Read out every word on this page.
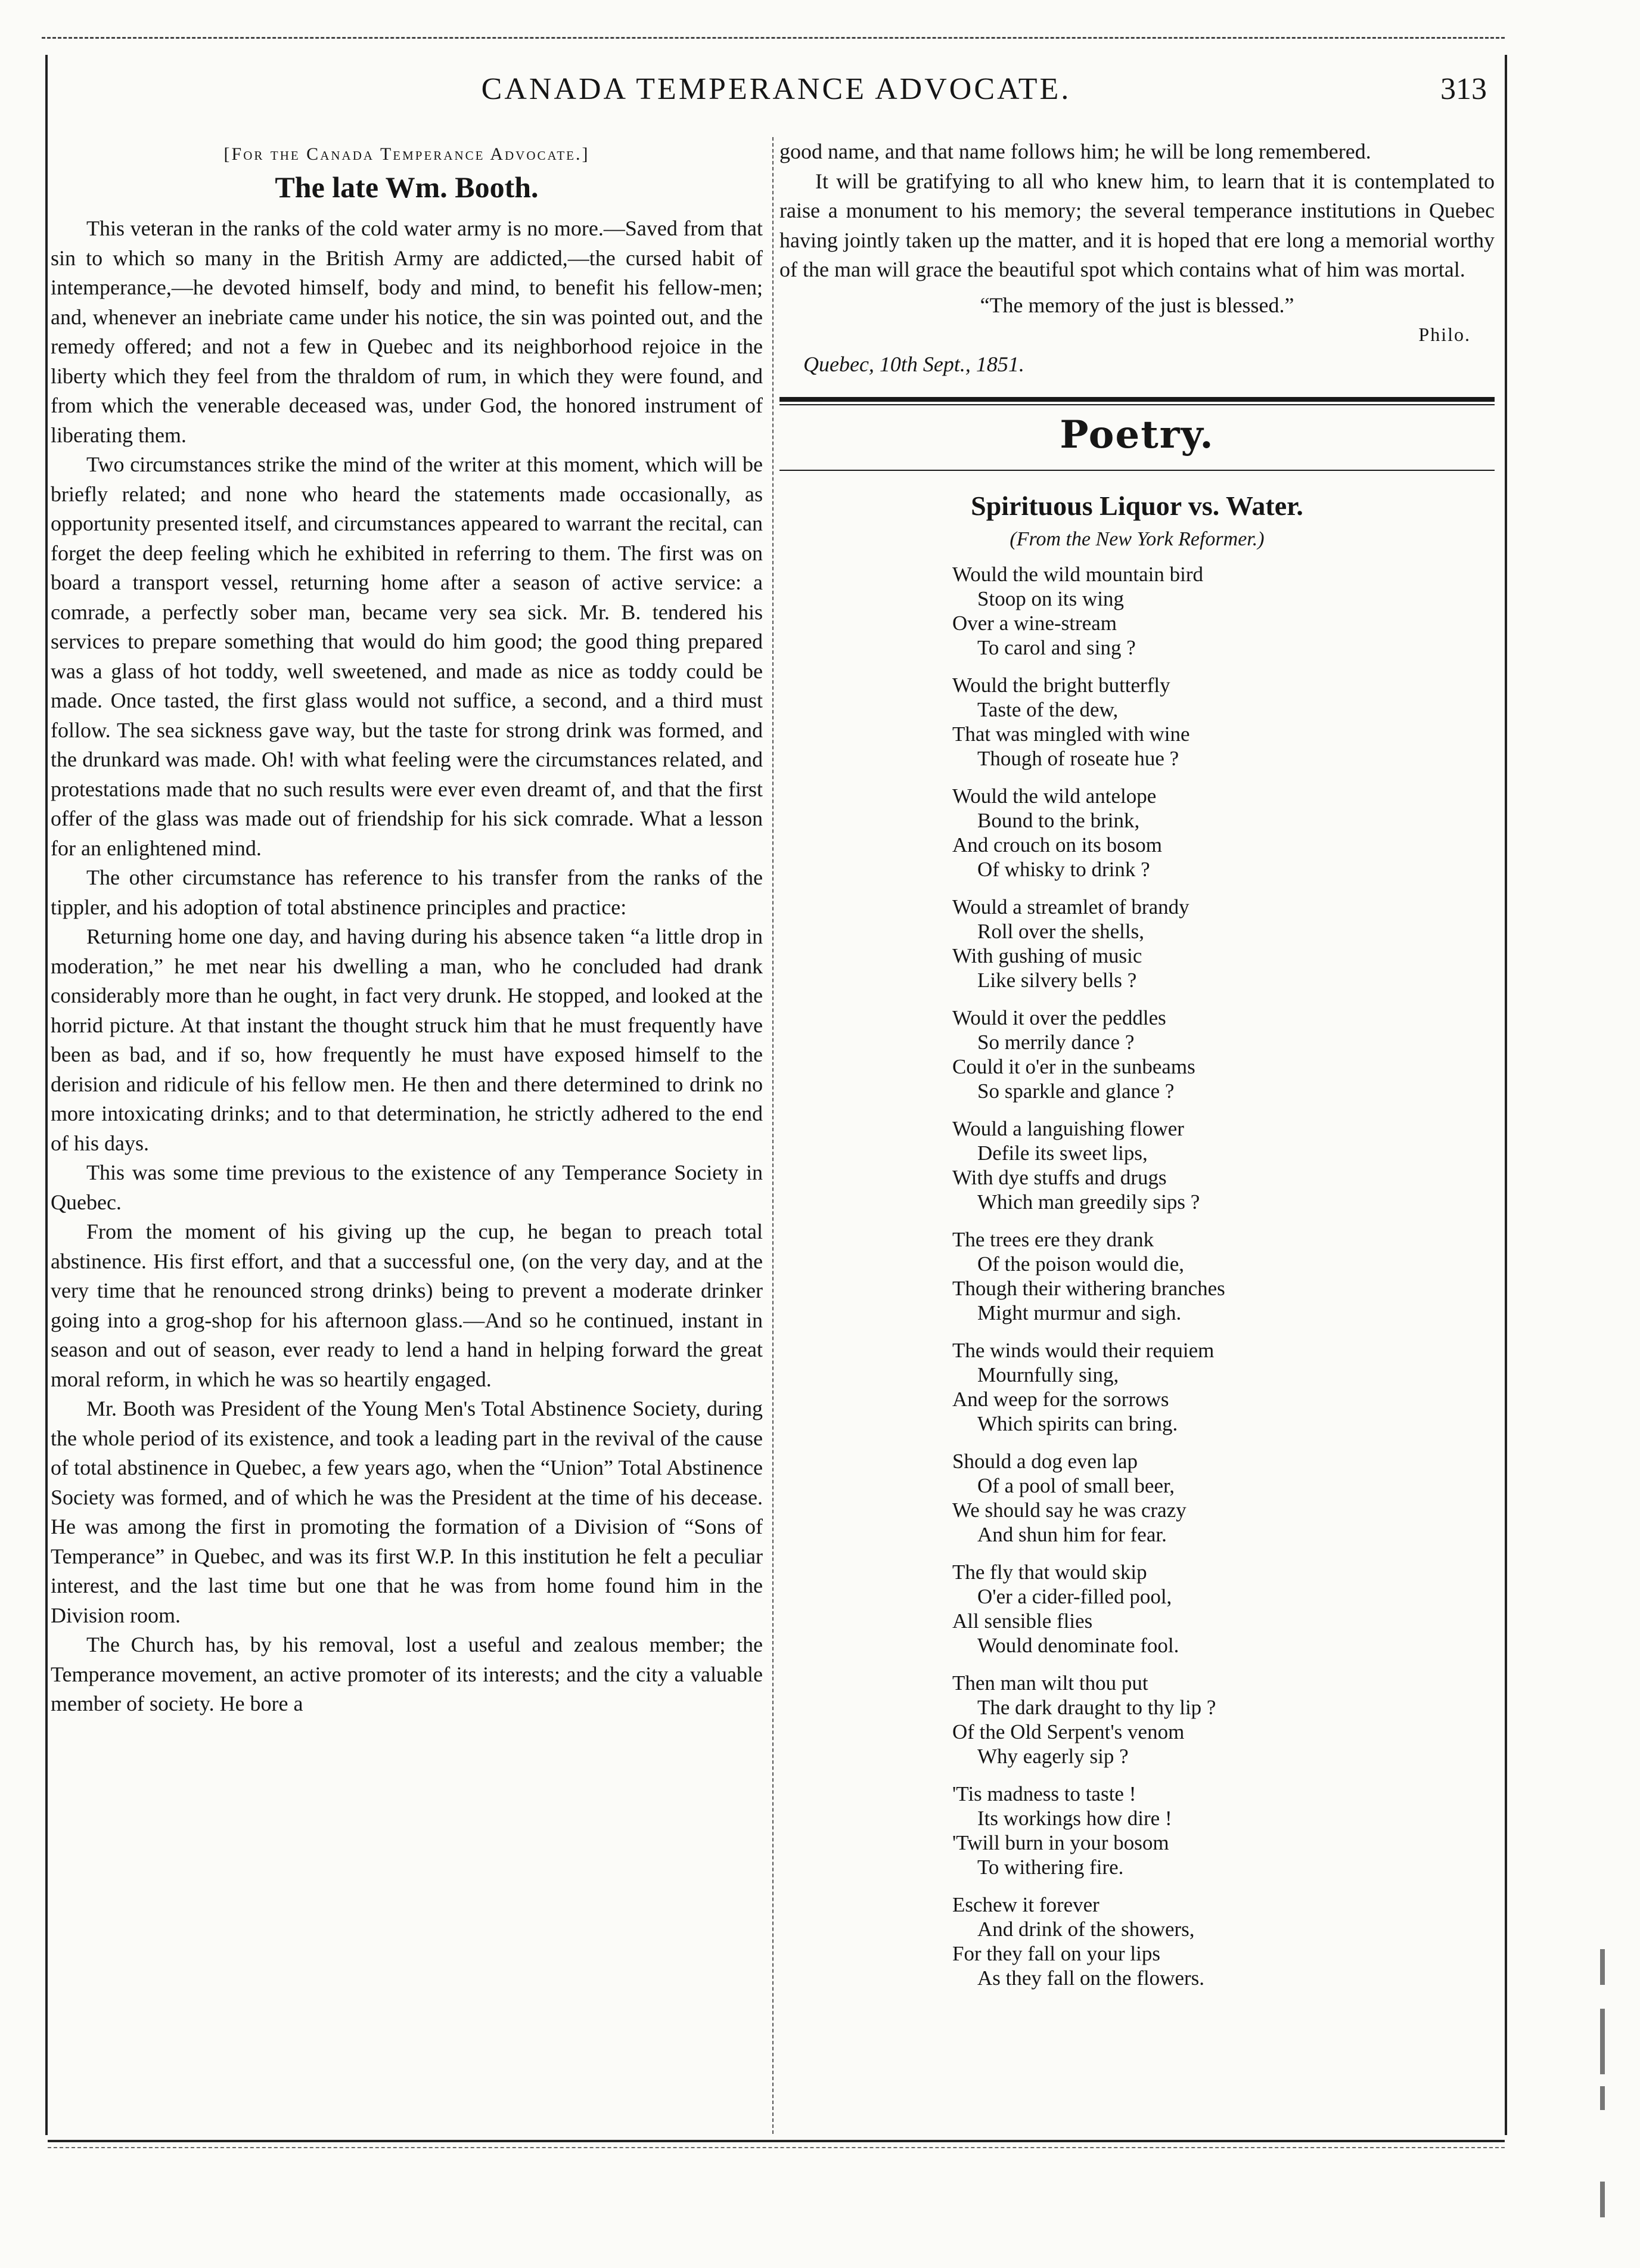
CANADA TEMPERANCE ADVOCATE.	313
[For the Canada Temperance Advocate.]
The late Wm. Booth.

This veteran in the ranks of the cold water army is no more.—Saved from that sin to which so many in the British Army are addicted,—the cursed habit of intemperance,—he devoted himself, body and mind, to benefit his fellow-men; and, whenever an inebriate came under his notice, the sin was pointed out, and the remedy offered; and not a few in Quebec and its neighborhood rejoice in the liberty which they feel from the thraldom of rum, in which they were found, and from which the venerable deceased was, under God, the honored instrument of liberating them.

Two circumstances strike the mind of the writer at this moment, which will be briefly related; and none who heard the statements made occasionally, as opportunity presented itself, and circumstances appeared to warrant the recital, can forget the deep feeling which he exhibited in referring to them. The first was on board a transport vessel, returning home after a season of active service: a comrade, a perfectly sober man, became very sea sick. Mr. B. tendered his services to prepare something that would do him good; the good thing prepared was a glass of hot toddy, well sweetened, and made as nice as toddy could be made. Once tasted, the first glass would not suffice, a second, and a third must follow. The sea sickness gave way, but the taste for strong drink was formed, and the drunkard was made. Oh! with what feeling were the circumstances related, and protestations made that no such results were ever even dreamt of, and that the first offer of the glass was made out of friendship for his sick comrade. What a lesson for an enlightened mind.

The other circumstance has reference to his transfer from the ranks of the tippler, and his adoption of total abstinence principles and practice:

Returning home one day, and having during his absence taken “a little drop in moderation,” he met near his dwelling a man, who he concluded had drank considerably more than he ought, in fact very drunk. He stopped, and looked at the horrid picture. At that instant the thought struck him that he must frequently have been as bad, and if so, how frequently he must have exposed himself to the derision and ridicule of his fellow men. He then and there determined to drink no more intoxicating drinks; and to that determination, he strictly adhered to the end of his days.

This was some time previous to the existence of any Temperance Society in Quebec.

From the moment of his giving up the cup, he began to preach total abstinence. His first effort, and that a successful one, (on the very day, and at the very time that he renounced strong drinks) being to prevent a moderate drinker going into a grog-shop for his afternoon glass.—And so he continued, instant in season and out of season, ever ready to lend a hand in helping forward the great moral reform, in which he was so heartily engaged.

Mr. Booth was President of the Young Men's Total Abstinence Society, during the whole period of its existence, and took a leading part in the revival of the cause of total abstinence in Quebec, a few years ago, when the “Union” Total Abstinence Society was formed, and of which he was the President at the time of his decease. He was among the first in promoting the formation of a Division of “Sons of Temperance” in Quebec, and was its first W.P. In this institution he felt a peculiar interest, and the last time but one that he was from home found him in the Division room.

The Church has, by his removal, lost a useful and zealous member; the Temperance movement, an active promoter of its interests; and the city a valuable member of society. He bore a

good name, and that name follows him; he will be long remembered.

It will be gratifying to all who knew him, to learn that it is contemplated to raise a monument to his memory; the several temperance institutions in Quebec having jointly taken up the matter, and it is hoped that ere long a memorial worthy of the man will grace the beautiful spot which contains what of him was mortal.

“The memory of the just is blessed.”

Philo.

Quebec, 10th Sept., 1851.

Poetry.
Spirituous Liquor vs. Water.
(From the New York Reformer.)
Would the wild mountain bird
Stoop on its wing
Over a wine-stream
To carol and sing ?
Would the bright butterfly
Taste of the dew,
That was mingled with wine
Though of roseate hue ?
Would the wild antelope
Bound to the brink,
And crouch on its bosom
Of whisky to drink ?
Would a streamlet of brandy
Roll over the shells,
With gushing of music
Like silvery bells ?
Would it over the peddles
So merrily dance ?
Could it o'er in the sunbeams
So sparkle and glance ?
Would a languishing flower
Defile its sweet lips,
With dye stuffs and drugs
Which man greedily sips ?
The trees ere they drank
Of the poison would die,
Though their withering branches
Might murmur and sigh.
The winds would their requiem
Mournfully sing,
And weep for the sorrows
Which spirits can bring.
Should a dog even lap
Of a pool of small beer,
We should say he was crazy
And shun him for fear.
The fly that would skip
O'er a cider-filled pool,
All sensible flies
Would denominate fool.
Then man wilt thou put
The dark draught to thy lip ?
Of the Old Serpent's venom
Why eagerly sip ?
'Tis madness to taste !
Its workings how dire !
'Twill burn in your bosom
To withering fire.
Eschew it forever
And drink of the showers,
For they fall on your lips
As they fall on the flowers.
